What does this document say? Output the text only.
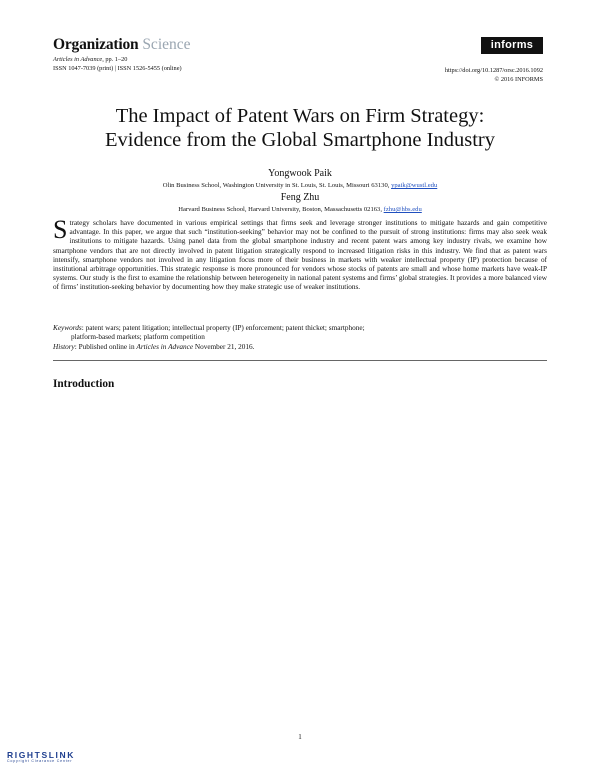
Organization Science
Articles in Advance, pp. 1–20
ISSN 1047-7039 (print) | ISSN 1526-5455 (online)
informs
https://doi.org/10.1287/orsc.2016.1092
© 2016 INFORMS
The Impact of Patent Wars on Firm Strategy:
Evidence from the Global Smartphone Industry
Yongwook Paik
Olin Business School, Washington University in St. Louis, St. Louis, Missouri 63130, ypaik@wustl.edu
Feng Zhu
Harvard Business School, Harvard University, Boston, Massachusetts 02163, fzhu@hbs.edu
Strategy scholars have documented in various empirical settings that firms seek and leverage stronger institutions to mitigate hazards and gain competitive advantage. In this paper, we argue that such “institution-seeking” behavior may not be confined to the pursuit of strong institutions: firms may also seek weak institutions to mitigate hazards. Using panel data from the global smartphone industry and recent patent wars among key industry rivals, we examine how smartphone vendors that are not directly involved in patent litigation strategically respond to increased litigation risks in this industry. We find that as patent wars intensify, smartphone vendors not involved in any litigation focus more of their business in markets with weaker intellectual property (IP) protection because of institutional arbitrage opportunities. This strategic response is more pronounced for vendors whose stocks of patents are small and whose home markets have weak-IP systems. Our study is the first to examine the relationship between heterogeneity in national patent systems and firms’ global strategies. It provides a more balanced view of firms’ institution-seeking behavior by documenting how they make strategic use of weaker institutions.
Keywords: patent wars; patent litigation; intellectual property (IP) enforcement; patent thicket; smartphone;
platform-based markets; platform competition
History: Published online in Articles in Advance November 21, 2016.
Introduction

1
RIGHTSLINK
Copyright Clearance Center
